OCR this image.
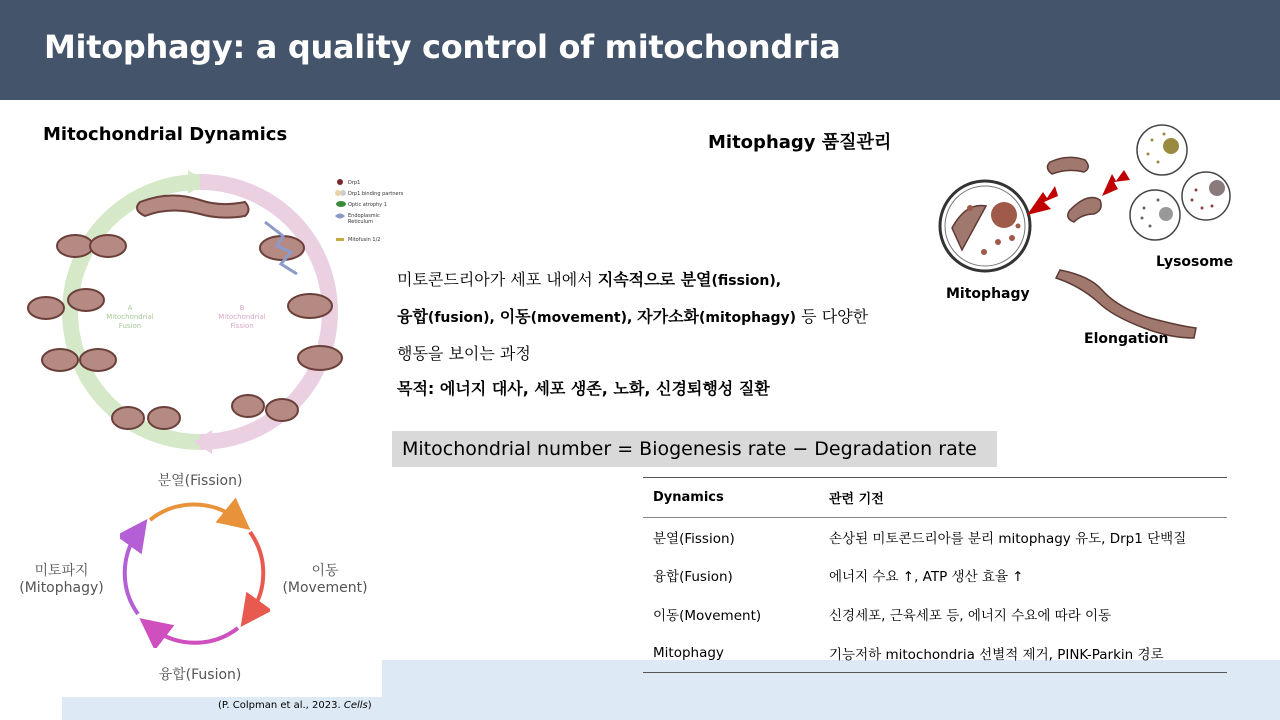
Mitophagy: a quality control of mitochondria
Mitochondrial Dynamics
A Mitochondrial Fusion
B Mitochondrial Fission
Drp1
Drp1 binding partners
Optic atrophy 1
Endoplasmic
Reticulum
Mitofusin 1/2
분열(Fission)
이동
(Movement)
융합(Fusion)
미토파지
(Mitophagy)
(P. Colpman et al., 2023. Cells)
Mitophagy 품질관리
Lysosome
Mitophagy
Elongation
미토콘드리아가 세포 내에서 지속적으로 분열(fission),
융합(fusion), 이동(movement), 자가소화(mitophagy) 등 다양한
행동을 보이는 과정
목적: 에너지 대사, 세포 생존, 노화, 신경퇴행성 질환
Mitochondrial number = Biogenesis rate − Degradation rate
Dynamics	관련 기전
분열(Fission)	손상된 미토콘드리아를 분리 mitophagy 유도, Drp1 단백질
융합(Fusion)	에너지 수요 ↑, ATP 생산 효율 ↑
이동(Movement)	신경세포, 근육세포 등, 에너지 수요에 따라 이동
Mitophagy	기능저하 mitochondria 선별적 제거, PINK-Parkin 경로
